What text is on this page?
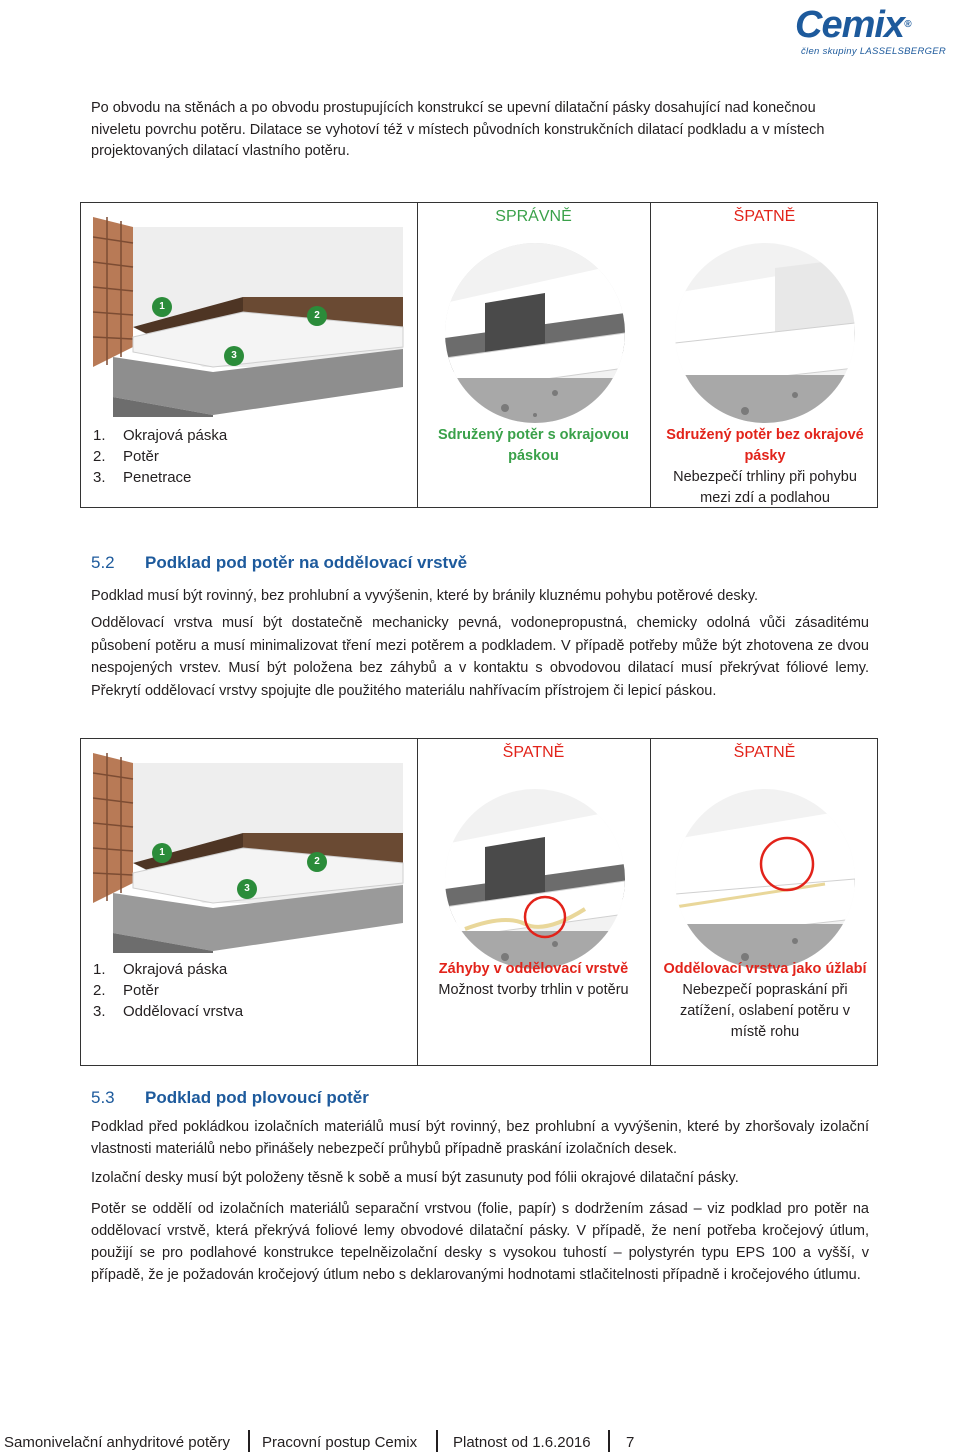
Cemix®
člen skupiny LASSELSBERGER

Po obvodu na stěnách a po obvodu prostupujících konstrukcí se upevní dilatační pásky dosahující nad konečnou niveletu povrchu potěru. Dilatace se vyhotoví též v místech původních konstrukčních dilatací podkladu a v místech projektovaných dilatací vlastního potěru.

SPRÁVNĚ	ŠPATNĚ
1
2
3
1. Okrajová páska
2. Potěr
3. Penetrace
Sdružený potěr s okrajovou páskou
Sdružený potěr bez okrajové pásky
Nebezpečí trhliny při pohybu mezi zdí a podlahou
5.2 Podklad pod potěr na oddělovací vrstvě

Podklad musí být rovinný, bez prohlubní a vyvýšenin, které by bránily kluznému pohybu potěrové desky.

Oddělovací vrstva musí být dostatečně mechanicky pevná, vodonepropustná, chemicky odolná vůči zásaditému působení potěru a musí minimalizovat tření mezi potěrem a podkladem. V případě potřeby může být zhotovena ze dvou nespojených vrstev. Musí být položena bez záhybů a v kontaktu s obvodovou dilatací musí překrývat fóliové lemy. Překrytí oddělovací vrstvy spojujte dle použitého materiálu nahřívacím přístrojem či lepicí páskou.

ŠPATNĚ	ŠPATNĚ
1
2
3
1. Okrajová páska
2. Potěr
3. Oddělovací vrstva
Záhyby v oddělovací vrstvě
Možnost tvorby trhlin v potěru
Oddělovací vrstva jako úžlabí
Nebezpečí popraskání při zatížení, oslabení potěru v místě rohu
5.3 Podklad pod plovoucí potěr

Podklad před pokládkou izolačních materiálů musí být rovinný, bez prohlubní a vyvýšenin, které by zhoršovaly izolační vlastnosti materiálů nebo přinášely nebezpečí průhybů případně praskání izolačních desek.

Izolační desky musí být položeny těsně k sobě a musí být zasunuty pod fólii okrajové dilatační pásky.

Potěr se oddělí od izolačních materiálů separační vrstvou (folie, papír) s dodržením zásad – viz podklad pro potěr na oddělovací vrstvě, která překrývá foliové lemy obvodové dilatační pásky. V případě, že není potřeba kročejový útlum, použijí se pro podlahové konstrukce tepelněizolační desky s vysokou tuhostí – polystyrén typu EPS 100 a vyšší, v případě, že je požadován kročejový útlum nebo s deklarovanými hodnotami stlačitelnosti případně i kročejového útlumu.

Samonivelační anhydritové potěry Pracovní postup Cemix Platnost od 1.6.2016 7
